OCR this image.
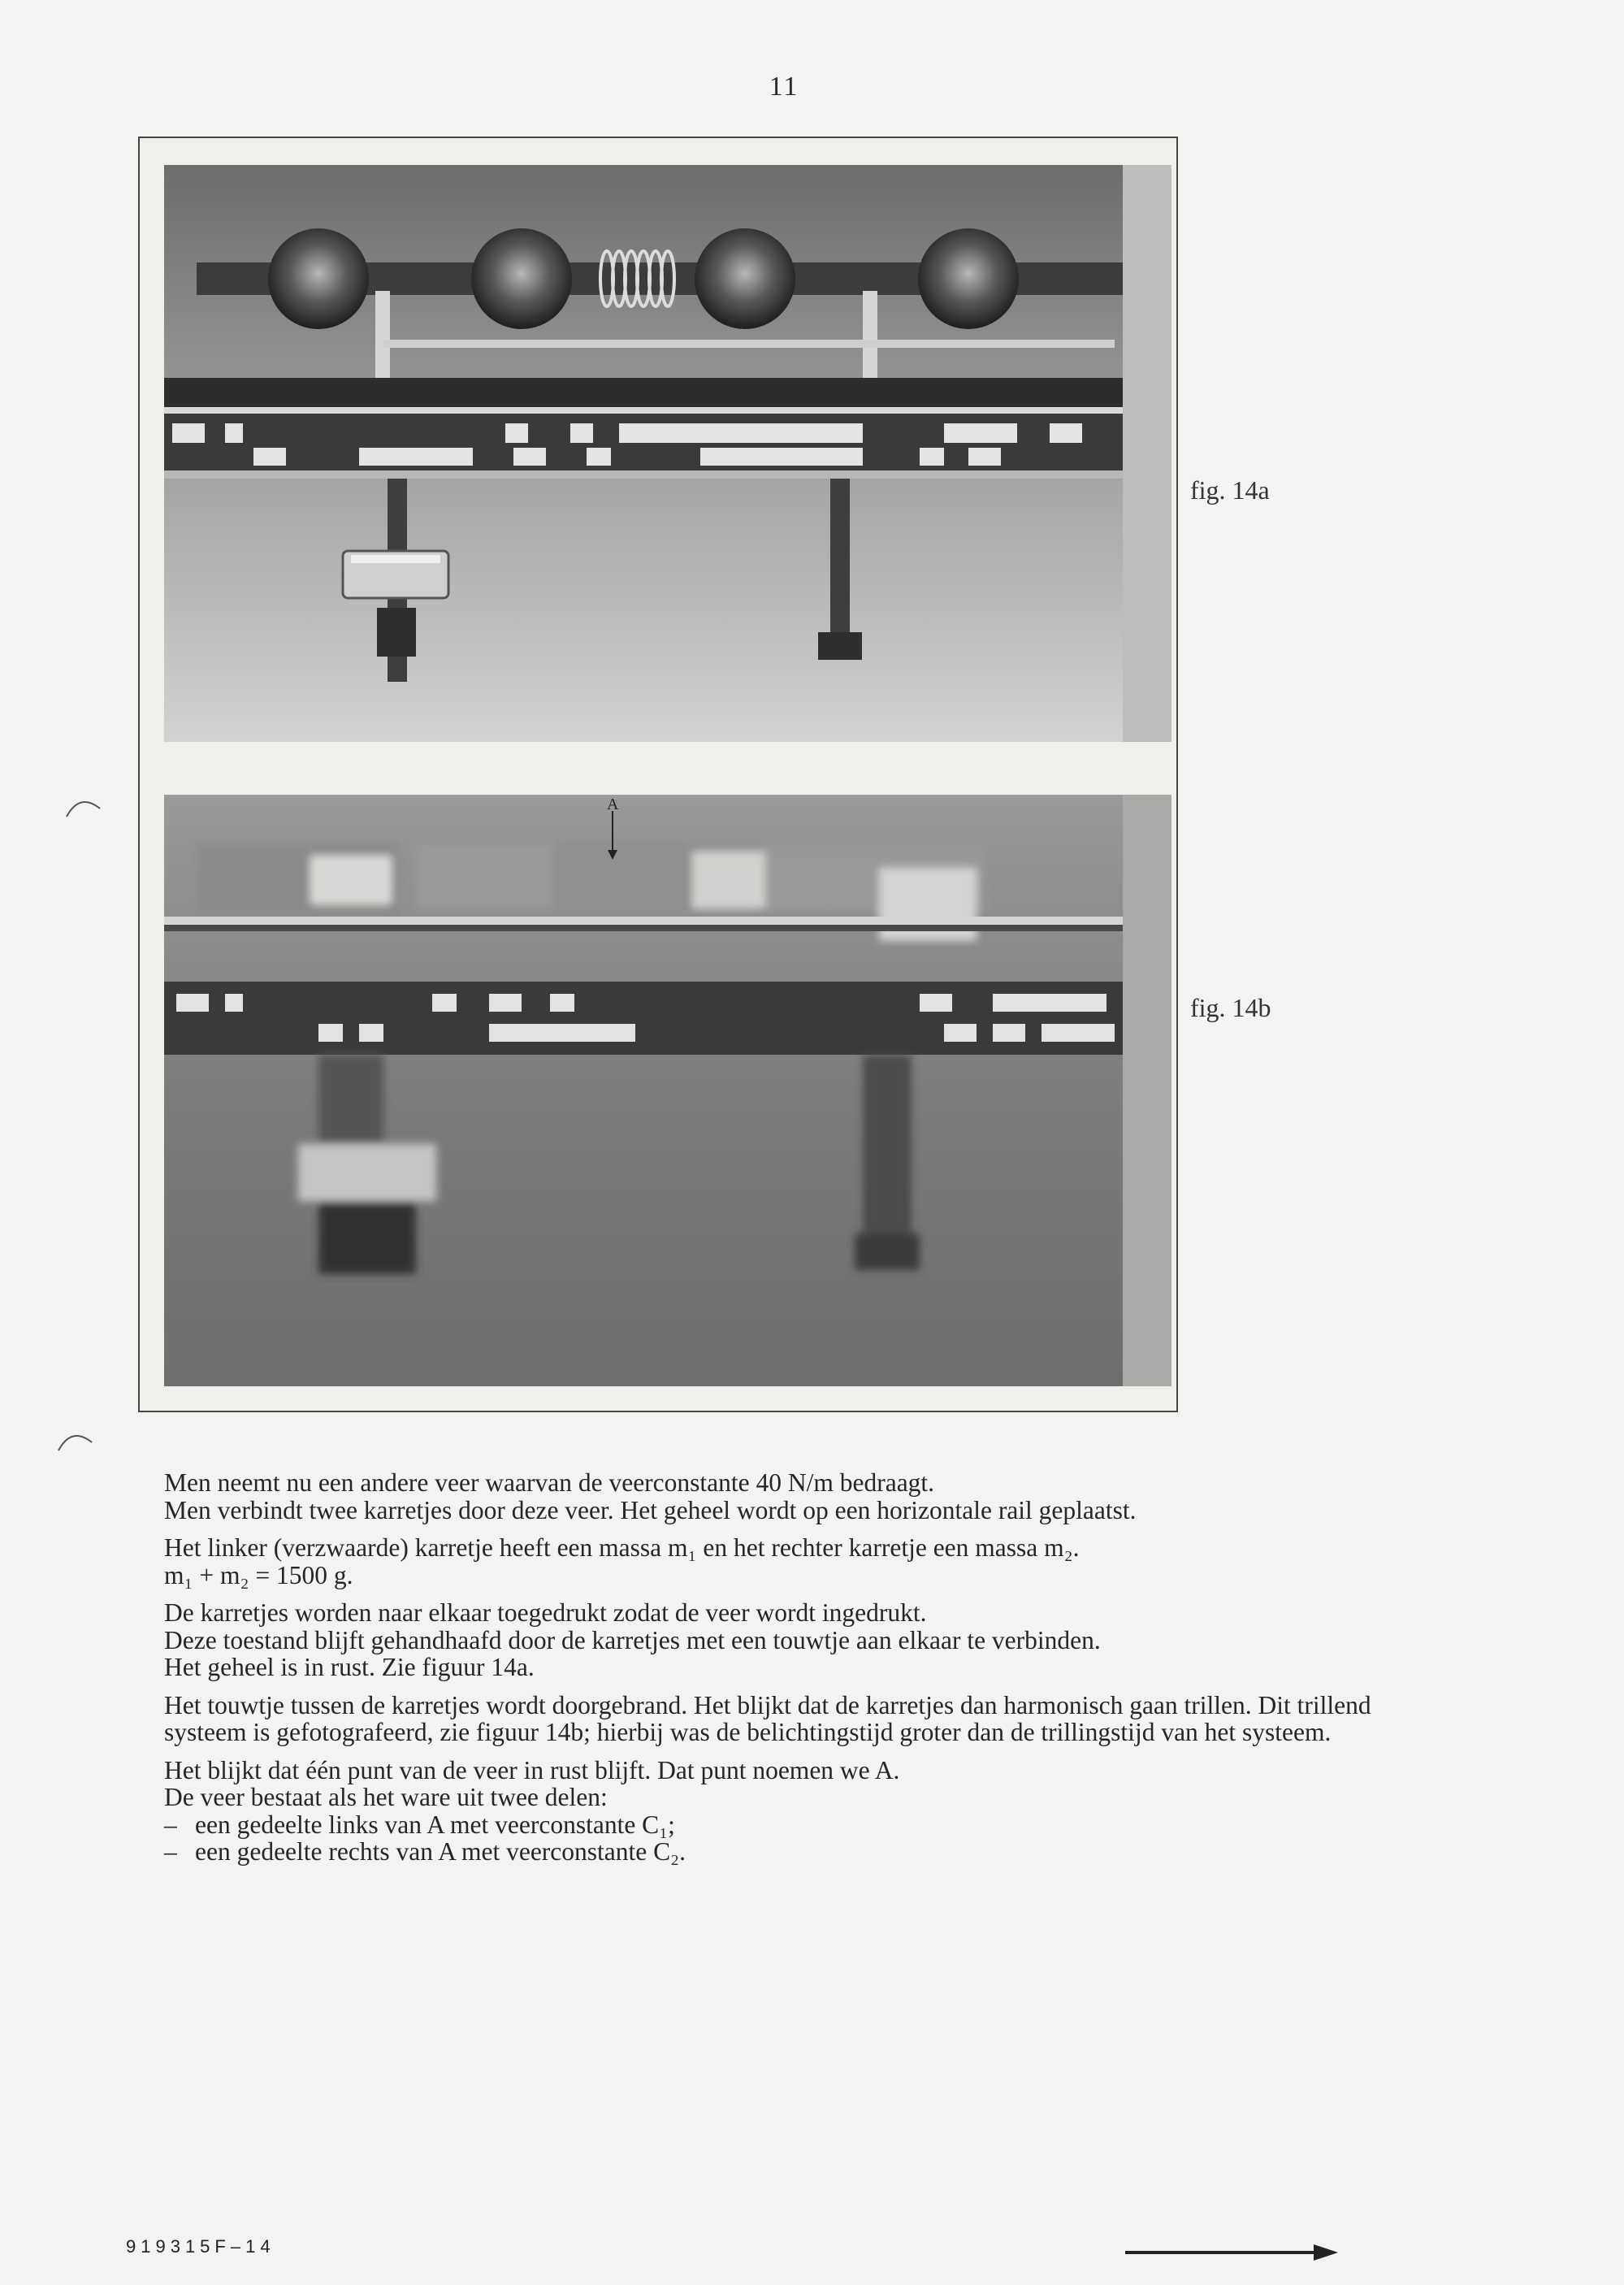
11
A
fig. 14a
fig. 14b

Men neemt nu een andere veer waarvan de veerconstante 40 N/m bedraagt.
Men verbindt twee karretjes door deze veer. Het geheel wordt op een horizontale rail geplaatst.

Het linker (verzwaarde) karretje heeft een massa m₁ en het rechter karretje een massa m₂.
m₁ + m₂ = 1500 g.

De karretjes worden naar elkaar toegedrukt zodat de veer wordt ingedrukt.
Deze toestand blijft gehandhaafd door de karretjes met een touwtje aan elkaar te verbinden.
Het geheel is in rust. Zie figuur 14a.

Het touwtje tussen de karretjes wordt doorgebrand. Het blijkt dat de karretjes dan harmonisch gaan trillen. Dit trillend systeem is gefotografeerd, zie figuur 14b; hierbij was de belichtingstijd groter dan de trillingstijd van het systeem.

Het blijkt dat één punt van de veer in rust blijft. Dat punt noemen we A.
De veer bestaat als het ware uit twee delen:

– een gedeelte links van A met veerconstante C₁;
– een gedeelte rechts van A met veerconstante C₂.
919315F–14
